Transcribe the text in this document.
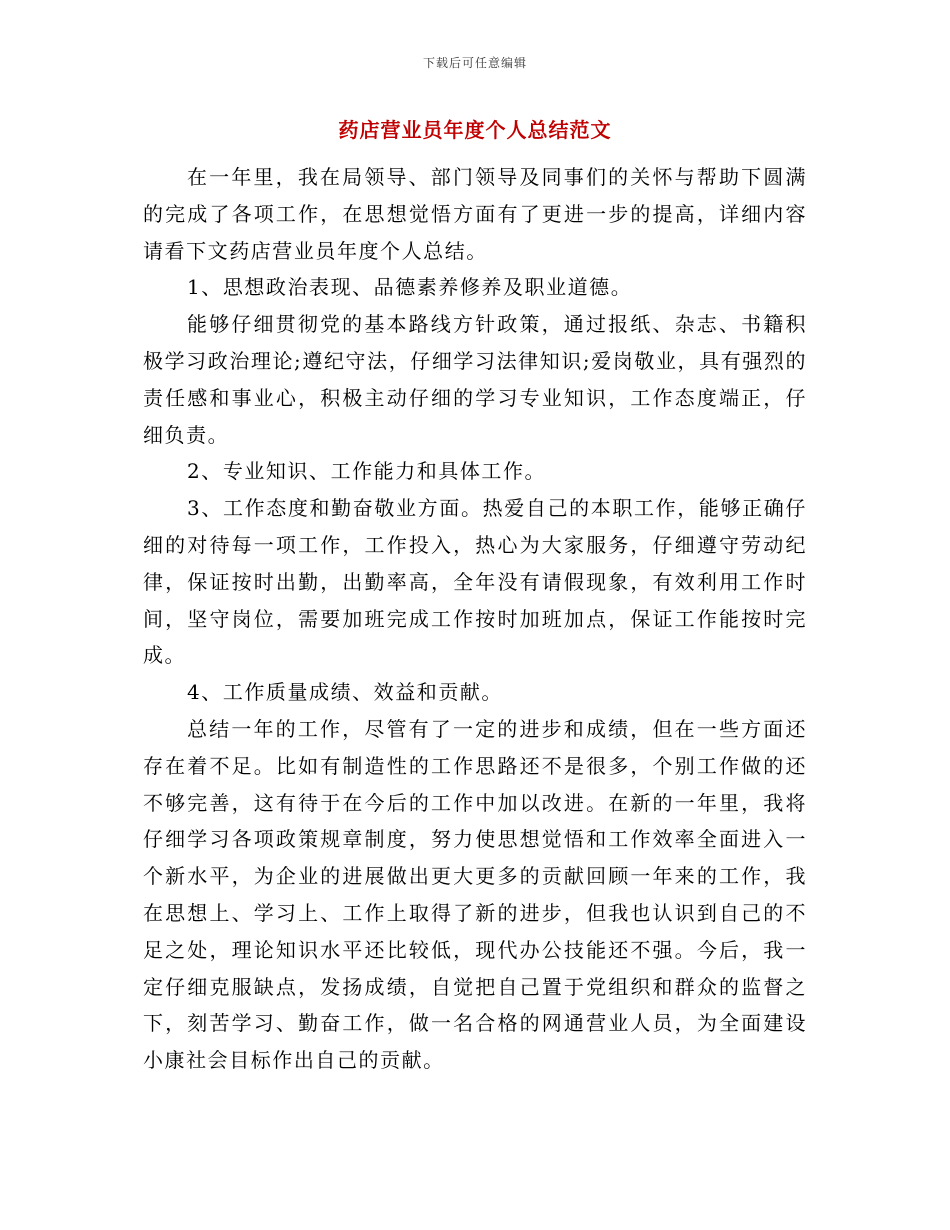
下载后可任意编辑
药店营业员年度个人总结范文

在一年里，我在局领导、部门领导及同事们的关怀与帮助下圆满的完成了各项工作，在思想觉悟方面有了更进一步的提高，详细内容请看下文药店营业员年度个人总结。

1、思想政治表现、品德素养修养及职业道德。

能够仔细贯彻党的基本路线方针政策，通过报纸、杂志、书籍积极学习政治理论;遵纪守法，仔细学习法律知识;爱岗敬业，具有强烈的责任感和事业心，积极主动仔细的学习专业知识，工作态度端正，仔细负责。

2、专业知识、工作能力和具体工作。

3、工作态度和勤奋敬业方面。热爱自己的本职工作，能够正确仔细的对待每一项工作，工作投入，热心为大家服务，仔细遵守劳动纪律，保证按时出勤，出勤率高，全年没有请假现象，有效利用工作时间，坚守岗位，需要加班完成工作按时加班加点，保证工作能按时完成。

4、工作质量成绩、效益和贡献。

总结一年的工作，尽管有了一定的进步和成绩，但在一些方面还存在着不足。比如有制造性的工作思路还不是很多，个别工作做的还不够完善，这有待于在今后的工作中加以改进。在新的一年里，我将仔细学习各项政策规章制度，努力使思想觉悟和工作效率全面进入一个新水平，为企业的进展做出更大更多的贡献回顾一年来的工作，我在思想上、学习上、工作上取得了新的进步，但我也认识到自己的不足之处，理论知识水平还比较低，现代办公技能还不强。今后，我一定仔细克服缺点，发扬成绩，自觉把自己置于党组织和群众的监督之下，刻苦学习、勤奋工作，做一名合格的网通营业人员，为全面建设小康社会目标作出自己的贡献。
